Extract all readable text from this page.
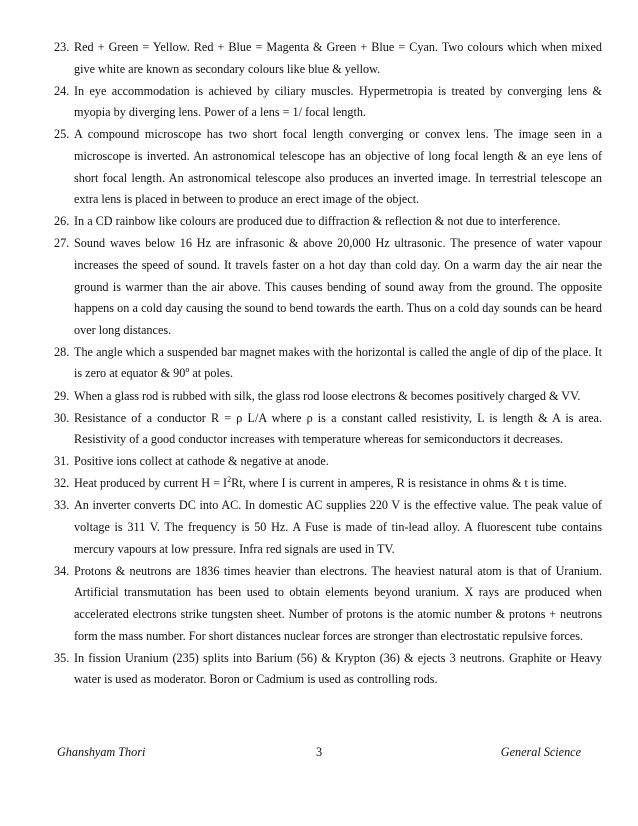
23. Red + Green = Yellow. Red + Blue = Magenta & Green + Blue = Cyan. Two colours which when mixed give white are known as secondary colours like blue & yellow.
24. In eye accommodation is achieved by ciliary muscles. Hypermetropia is treated by converging lens & myopia by diverging lens. Power of a lens = 1/ focal length.
25. A compound microscope has two short focal length converging or convex lens. The image seen in a microscope is inverted. An astronomical telescope has an objective of long focal length & an eye lens of short focal length. An astronomical telescope also produces an inverted image. In terrestrial telescope an extra lens is placed in between to produce an erect image of the object.
26. In a CD rainbow like colours are produced due to diffraction & reflection & not due to interference.
27. Sound waves below 16 Hz are infrasonic & above 20,000 Hz ultrasonic. The presence of water vapour increases the speed of sound. It travels faster on a hot day than cold day. On a warm day the air near the ground is warmer than the air above. This causes bending of sound away from the ground. The opposite happens on a cold day causing the sound to bend towards the earth. Thus on a cold day sounds can be heard over long distances.
28. The angle which a suspended bar magnet makes with the horizontal is called the angle of dip of the place. It is zero at equator & 90$^o$ at poles.
29. When a glass rod is rubbed with silk, the glass rod loose electrons & becomes positively charged & VV.
30. Resistance of a conductor R = ρ L/A where ρ is a constant called resistivity, L is length & A is area. Resistivity of a good conductor increases with temperature whereas for semiconductors it decreases.
31. Positive ions collect at cathode & negative at anode.
32. Heat produced by current $H = I^2Rt$, where I is current in amperes, R is resistance in ohms & t is time.
33. An inverter converts DC into AC. In domestic AC supplies 220 V is the effective value. The peak value of voltage is 311 V. The frequency is 50 Hz. A Fuse is made of tin-lead alloy. A fluorescent tube contains mercury vapours at low pressure. Infra red signals are used in TV.
34. Protons & neutrons are 1836 times heavier than electrons. The heaviest natural atom is that of Uranium. Artificial transmutation has been used to obtain elements beyond uranium. X rays are produced when accelerated electrons strike tungsten sheet. Number of protons is the atomic number & protons + neutrons form the mass number. For short distances nuclear forces are stronger than electrostatic repulsive forces.
35. In fission Uranium (235) splits into Barium (56) & Krypton (36) & ejects 3 neutrons. Graphite or Heavy water is used as moderator. Boron or Cadmium is used as controlling rods.
Ghanshyam Thori	3	General Science
